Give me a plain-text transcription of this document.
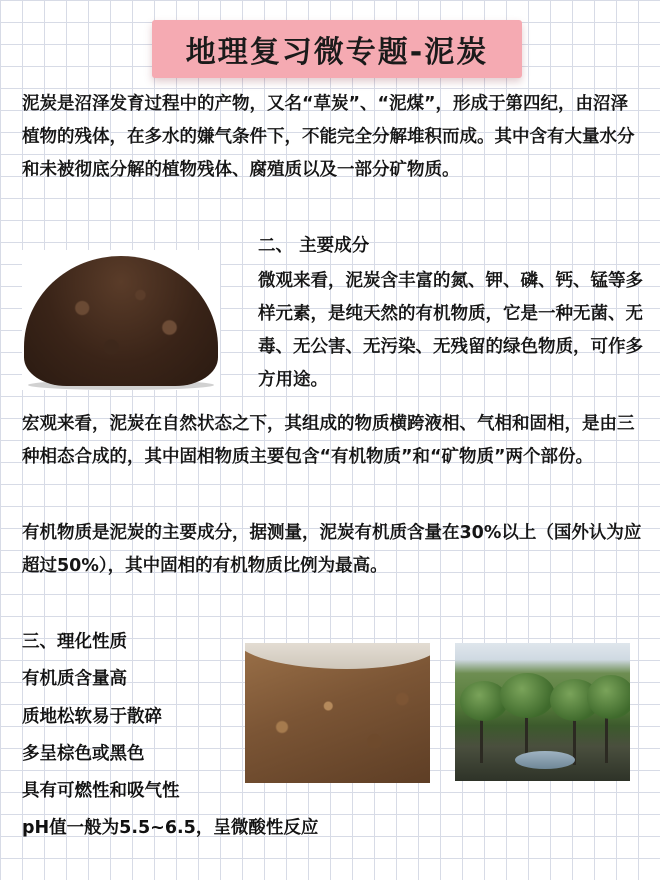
地理复习微专题-泥炭

泥炭是沼泽发育过程中的产物，又名“草炭”、“泥煤”，形成于第四纪，由沼泽植物的残体，在多水的嫌气条件下，不能完全分解堆积而成。其中含有大量水分和未被彻底分解的植物残体、腐殖质以及一部分矿物质。

二、 主要成分

微观来看，泥炭含丰富的氮、钾、磷、钙、锰等多样元素，是纯天然的有机物质，它是一种无菌、无毒、无公害、无污染、无残留的绿色物质，可作多方用途。

宏观来看，泥炭在自然状态之下，其组成的物质横跨液相、气相和固相，是由三种相态合成的，其中固相物质主要包含“有机物质”和“矿物质”两个部份。

有机物质是泥炭的主要成分，据测量，泥炭有机质含量在30%以上（国外认为应超过50%），其中固相的有机物质比例为最高。

三、理化性质

有机质含量高

质地松软易于散碎

多呈棕色或黑色

具有可燃性和吸气性

pH值一般为5.5~6.5，呈微酸性反应
